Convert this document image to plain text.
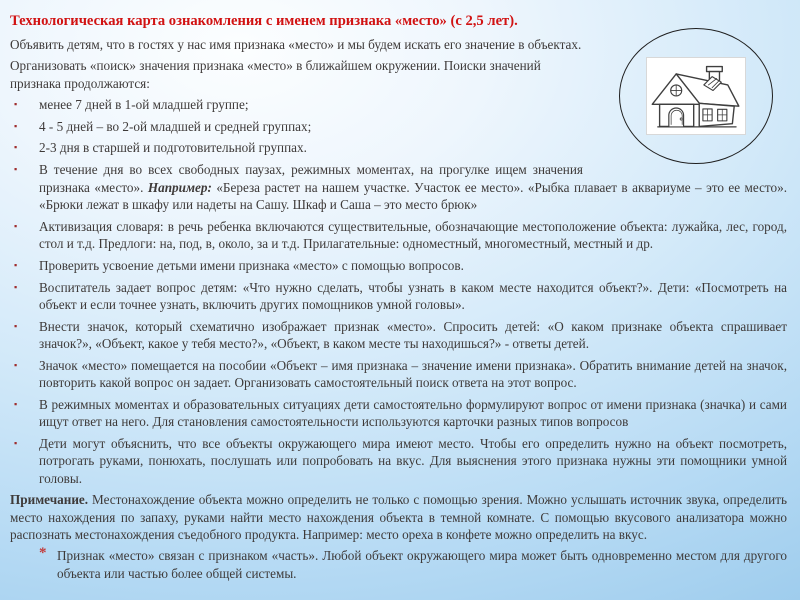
Технологическая карта ознакомления с именем признака «место» (с 2,5 лет).
Объявить детям, что в гостях у нас имя признака «место» и мы будем искать его значение в объектах.
Организовать «поиск» значения признака «место» в ближайшем окружении. Поиски значений признака продолжаются:
▪ менее 7 дней в 1-ой младшей группе;
▪ 4 - 5 дней – во 2-ой младшей и средней группах;
▪ 2-3 дня в старшей и подготовительной группах.
▪ В течение дня во всех свободных паузах, режимных моментах, на прогулке ищем значения признака «место». Например: «Береза растет на нашем участке. Участок ее место». «Рыбка плавает в аквариуме – это ее место». «Брюки лежат в шкафу или надеты на Сашу. Шкаф и Саша – это место брюк»
▪ Активизация словаря: в речь ребенка включаются существительные, обозначающие местоположение объекта: лужайка, лес, город, стол и т.д. Предлоги: на, под, в, около, за и т.д. Прилагательные: одноместный, многоместный, местный и др.
▪ Проверить усвоение детьми имени признака «место» с помощью вопросов.
▪ Воспитатель задает вопрос детям: «Что нужно сделать, чтобы узнать в каком месте находится объект?». Дети: «Посмотреть на объект и если точнее узнать, включить других помощников умной головы».
▪ Внести значок, который схематично изображает признак «место». Спросить детей: «О каком признаке объекта спрашивает значок?», «Объект, какое у тебя место?», «Объект, в каком месте ты находишься?» - ответы детей.
▪ Значок «место» помещается на пособии «Объект – имя признака – значение имени признака». Обратить внимание детей на значок, повторить какой вопрос он задает. Организовать самостоятельный поиск ответа на этот вопрос.
▪ В режимных моментах и образовательных ситуациях дети самостоятельно формулируют вопрос от имени признака (значка) и сами ищут ответ на него. Для становления самостоятельности используются карточки разных типов вопросов
▪ Дети могут объяснить, что все объекты окружающего мира имеют место. Чтобы его определить нужно на объект посмотреть, потрогать руками, понюхать, послушать или попробовать на вкус. Для выяснения этого признака нужны эти помощники умной головы.
Примечание. Местонахождение объекта можно определить не только с помощью зрения. Можно услышать источник звука, определить место нахождения по запаху, руками найти место нахождения объекта в темной комнате. С помощью вкусового анализатора можно распознать местонахождения съедобного продукта. Например: место ореха в конфете можно определить на вкус.
* Признак «место» связан с признаком «часть». Любой объект окружающего мира может быть одновременно местом для другого объекта или частью более общей системы.
